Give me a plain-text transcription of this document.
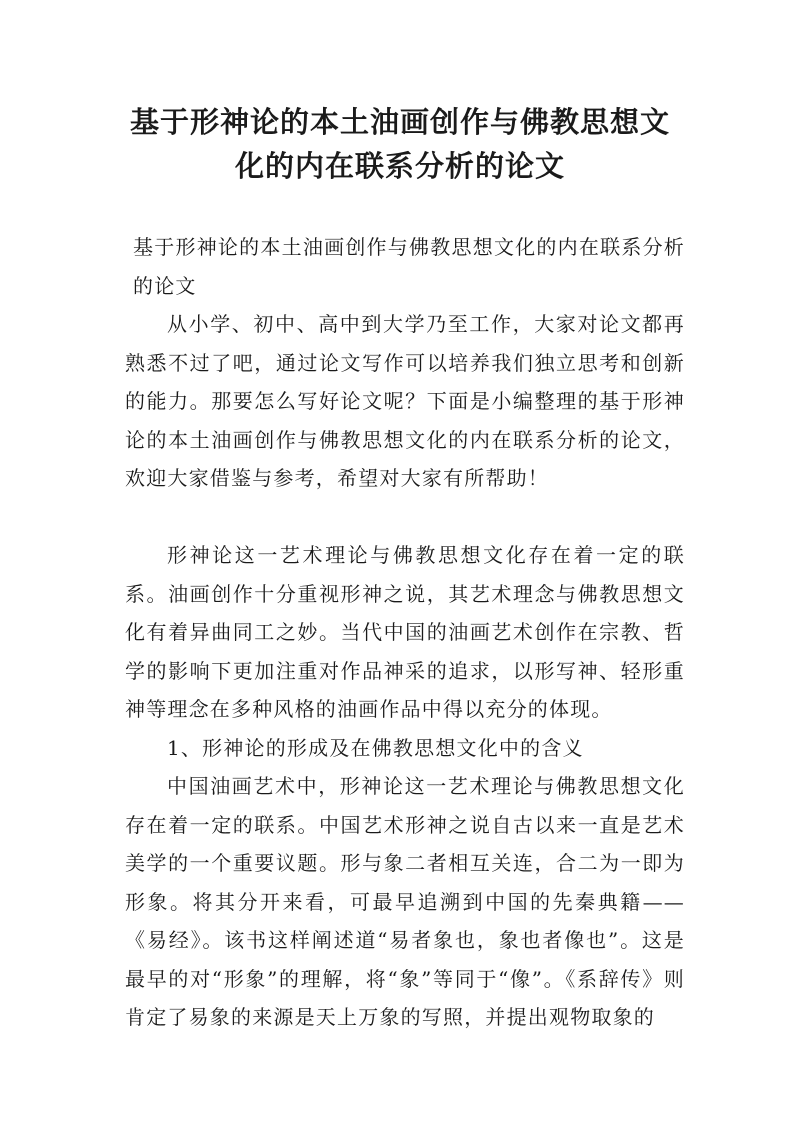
基于形神论的本土油画创作与佛教思想文
化的内在联系分析的论文

基于形神论的本土油画创作与佛教思想文化的内在联系分析的论文

从小学、初中、高中到大学乃至工作，大家对论文都再熟悉不过了吧，通过论文写作可以培养我们独立思考和创新的能力。那要怎么写好论文呢？下面是小编整理的基于形神论的本土油画创作与佛教思想文化的内在联系分析的论文，欢迎大家借鉴与参考，希望对大家有所帮助！

形神论这一艺术理论与佛教思想文化存在着一定的联系。油画创作十分重视形神之说，其艺术理念与佛教思想文化有着异曲同工之妙。当代中国的油画艺术创作在宗教、哲学的影响下更加注重对作品神采的追求，以形写神、轻形重神等理念在多种风格的油画作品中得以充分的体现。

1、形神论的形成及在佛教思想文化中的含义

中国油画艺术中，形神论这一艺术理论与佛教思想文化存在着一定的联系。中国艺术形神之说自古以来一直是艺术美学的一个重要议题。形与象二者相互关连，合二为一即为形象。将其分开来看，可最早追溯到中国的先秦典籍——《易经》。该书这样阐述道“易者象也，象也者像也”。这是最早的对“形象”的理解，将“象”等同于“像”。《系辞传》则肯定了易象的来源是天上万象的写照，并提出观物取象的
